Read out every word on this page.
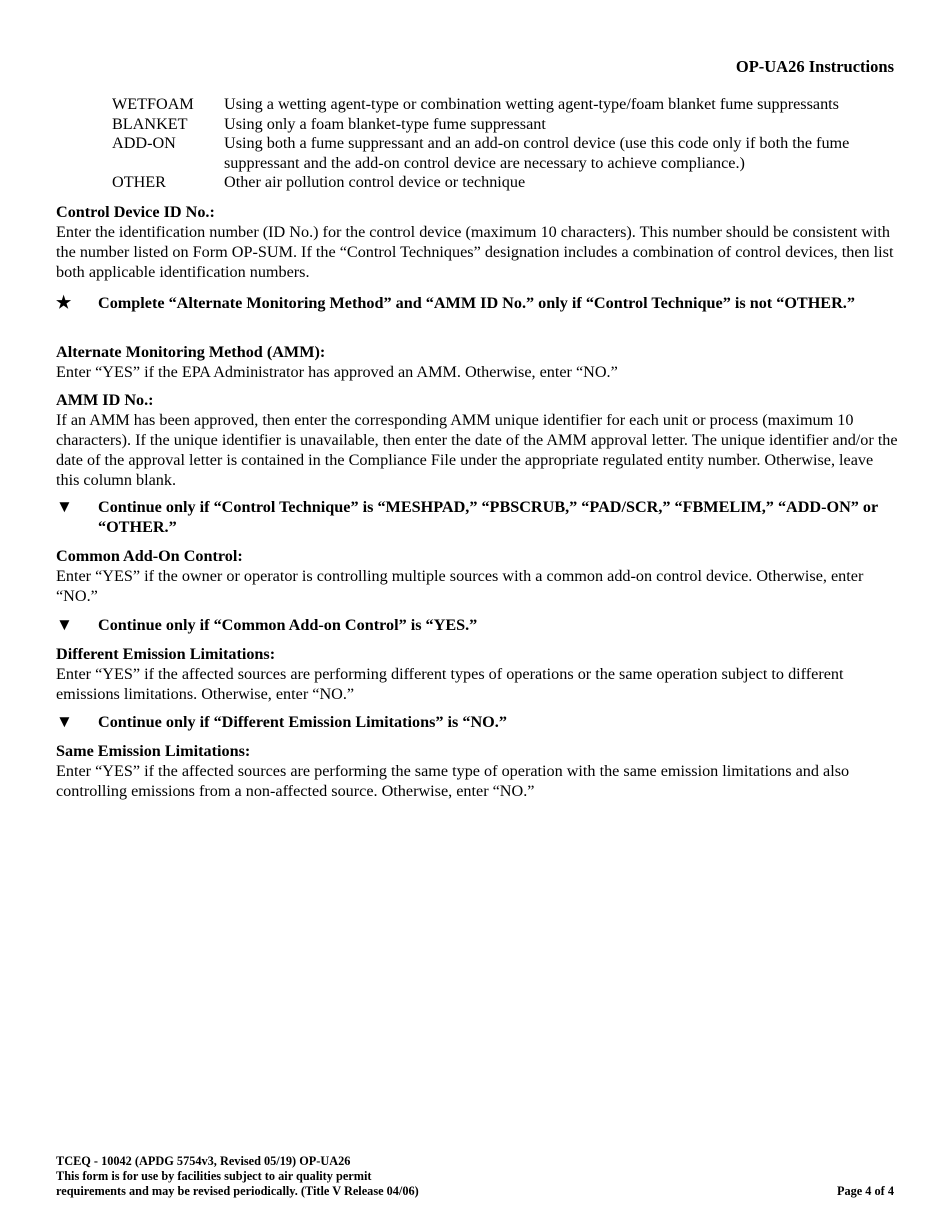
OP-UA26 Instructions
WETFOAM	Using a wetting agent-type or combination wetting agent-type/foam blanket fume suppressants
BLANKET	Using only a foam blanket-type fume suppressant
ADD-ON	Using both a fume suppressant and an add-on control device (use this code only if both the fume suppressant and the add-on control device are necessary to achieve compliance.)
OTHER	Other air pollution control device or technique
Control Device ID No.:
Enter the identification number (ID No.) for the control device (maximum 10 characters). This number should be consistent with the number listed on Form OP-SUM. If the “Control Techniques” designation includes a combination of control devices, then list both applicable identification numbers.
★	Complete “Alternate Monitoring Method” and “AMM ID No.” only if “Control Technique” is not “OTHER.”
Alternate Monitoring Method (AMM):
Enter “YES” if the EPA Administrator has approved an AMM. Otherwise, enter “NO.”
AMM ID No.:
If an AMM has been approved, then enter the corresponding AMM unique identifier for each unit or process (maximum 10 characters). If the unique identifier is unavailable, then enter the date of the AMM approval letter. The unique identifier and/or the date of the approval letter is contained in the Compliance File under the appropriate regulated entity number. Otherwise, leave this column blank.
▼	Continue only if “Control Technique” is “MESHPAD,” “PBSCRUB,” “PAD/SCR,” “FBMELIM,” “ADD-ON” or “OTHER.”
Common Add-On Control:
Enter “YES” if the owner or operator is controlling multiple sources with a common add-on control device. Otherwise, enter “NO.”
▼	Continue only if “Common Add-on Control” is “YES.”
Different Emission Limitations:
Enter “YES” if the affected sources are performing different types of operations or the same operation subject to different emissions limitations. Otherwise, enter “NO.”
▼	Continue only if “Different Emission Limitations” is “NO.”
Same Emission Limitations:
Enter “YES” if the affected sources are performing the same type of operation with the same emission limitations and also controlling emissions from a non-affected source. Otherwise, enter “NO.”
TCEQ - 10042 (APDG 5754v3, Revised 05/19) OP-UA26
This form is for use by facilities subject to air quality permit
requirements and may be revised periodically. (Title V Release 04/06)	Page 4 of 4
